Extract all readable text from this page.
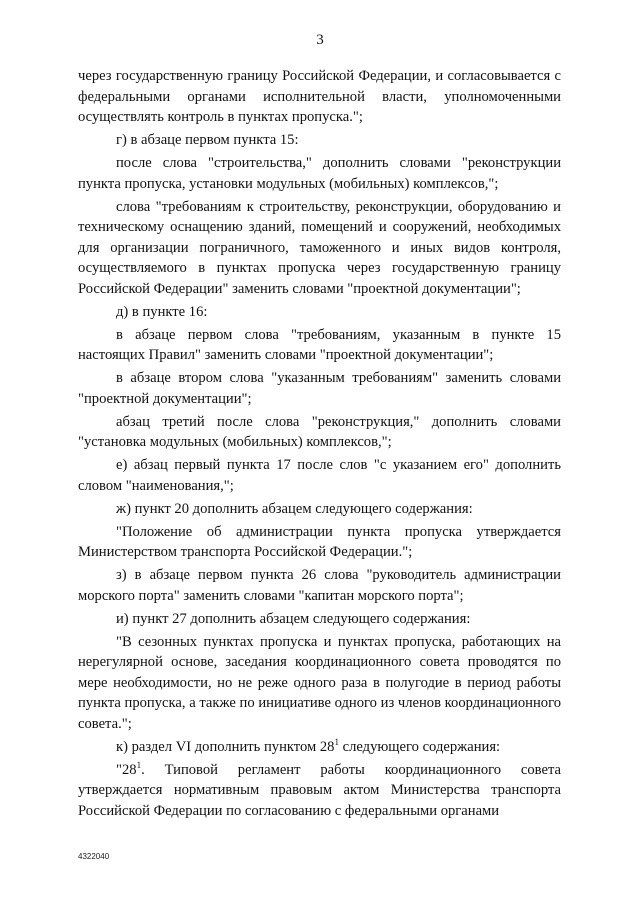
3

через государственную границу Российской Федерации, и согласовывается с федеральными органами исполнительной власти, уполномоченными осуществлять контроль в пунктах пропуска.";

г) в абзаце первом пункта 15:

после слова "строительства," дополнить словами "реконструкции пункта пропуска, установки модульных (мобильных) комплексов,";

слова "требованиям к строительству, реконструкции, оборудованию и техническому оснащению зданий, помещений и сооружений, необходимых для организации пограничного, таможенного и иных видов контроля, осуществляемого в пунктах пропуска через государственную границу Российской Федерации" заменить словами "проектной документации";

д) в пункте 16:

в абзаце первом слова "требованиям, указанным в пункте 15 настоящих Правил" заменить словами "проектной документации";

в абзаце втором слова "указанным требованиям" заменить словами "проектной документации";

абзац третий после слова "реконструкция," дополнить словами "установка модульных (мобильных) комплексов,";

е) абзац первый пункта 17 после слов "с указанием его" дополнить словом "наименования,";

ж) пункт 20 дополнить абзацем следующего содержания:

"Положение об администрации пункта пропуска утверждается Министерством транспорта Российской Федерации.";

з) в абзаце первом пункта 26 слова "руководитель администрации морского порта" заменить словами "капитан морского порта";

и) пункт 27 дополнить абзацем следующего содержания:

"В сезонных пунктах пропуска и пунктах пропуска, работающих на нерегулярной основе, заседания координационного совета проводятся по мере необходимости, но не реже одного раза в полугодие в период работы пункта пропуска, а также по инициативе одного из членов координационного совета.";

к) раздел VI дополнить пунктом $28^1$ следующего содержания:

"$28^1$. Типовой регламент работы координационного совета утверждается нормативным правовым актом Министерства транспорта Российской Федерации по согласованию с федеральными органами

4322040
